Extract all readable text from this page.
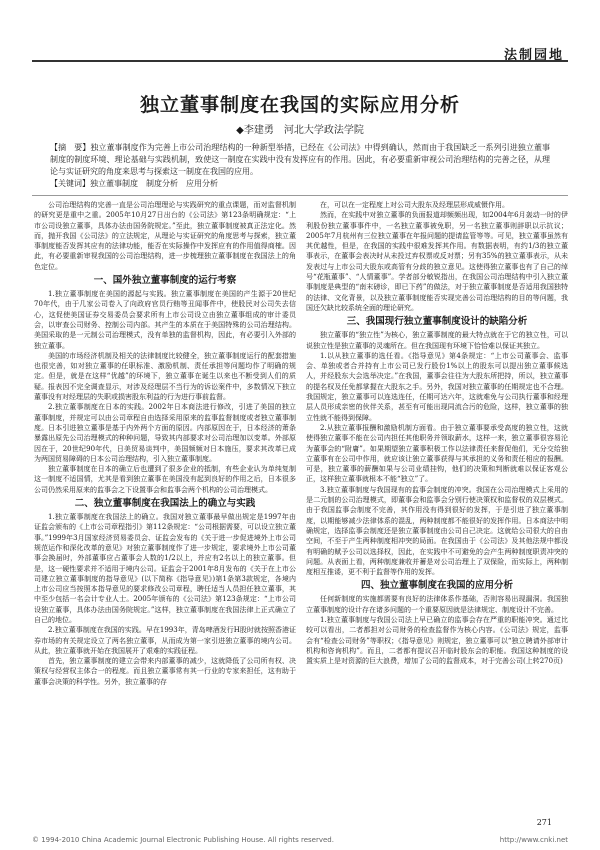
法制园地
独立董事制度在我国的实际应用分析
◆李建勇　河北大学政法学院
【摘　要】独立董事制度作为完善上市公司治理结构的一种新型举措，已经在《公司法》中得到确认，然而由于我国缺乏一系列引进独立董事制度的制度环境、理论基础与实践机制，致使这一制度在实践中没有发挥应有的作用。因此，有必要重新审视公司治理结构的完善之径，从理论与实证研究的角度来思考与探索这一制度在我国的应用。
【关键词】独立董事制度　制度分析　应用分析

公司治理结构的完善一直是公司治理理论与实践研究的重点课题，而对监督机制的研究更是重中之重。2005年10月27日出台的《公司法》第123条明确规定：“上市公司设独立董事，具体办法由国务院规定。”至此，独立董事制度被真正法定化。然而，抛开我国《公司法》的立法规定，从理论与实证研究的角度思考与探索，独立董事制度能否发挥其应有的法律功能，能否在实际操作中发挥应有的作用值得商榷。因此，有必要重新审视我国的公司治理结构，进一步梳理独立董事制度在我国法上的角色定位。

一、国外独立董事制度的运行考察

1.独立董事制度在美国的源起与实践。独立董事制度在美国的产生源于20世纪70年代，由于几家公司卷入了向政府官员行贿等丑闻事件中，使股民对公司失去信心，这促使美国证券交易委员会要求所有上市公司设立由独立董事组成的审计委员会，以审查公司财务、控制公司内部。其产生的本质在于美国特殊的公司治理结构。美国采取的是一元制公司治理模式，没有单独的监督机构，因此，有必要引入外部的独立董事。

美国的市场经济机制及相关的法律制度比较健全，独立董事制度运行的配套措施也很完善，如对独立董事的任职标准、激励机制、责任承担等问题均作了明确的规定。但是，就是在这样“优越”的环境下，独立董事在诞生以来也不断受到人们的质疑。报表因不完全调查显示，对涉及经理层不当行为的诉讼案件中，多数情况下独立董事没有对经理层的失职或损害股东利益的行为进行事前监督。

2.独立董事制度在日本的实践。2002年日本商法进行修改，引进了美国的独立董事制度，并规定可以由公司章程自由选择采用原来的监事监督制度或者独立董事制度。日本引进独立董事是基于内外两个方面的原因。内部原因在于，日本经济的萧条暴露出原先公司治理模式的种种问题，导致其内部要求对公司治理加以变革。外部原因在于，20世纪90年代，日美贸易谈判中，美国频频对日本施压，要求其改革已成为两国贸易障碍的日本公司治理结构，引入独立董事制度。

独立董事制度在日本的确立后也遭到了很多企业的抵制，有些企业认为单纯复制这一制度不适国情，尤其是看到独立董事在美国没有起到良好的作用之后，日本很多公司仍然采用原来的监事会之下设置事会和监事会两个机构的公司治理模式。

二、独立董事制度在我国法上的确立与实践

1.独立董事制度在我国法上的确立。我国对独立董事最早做出规定是1997年由证监会颁布的《上市公司章程指引》第112条规定：“公司根据需要，可以设立独立董事。”1999年3月国家经济贸易委员会、证监会发布的《关于进一步促进境外上市公司规范运作和深化改革的意见》对独立董事制度作了进一步规定，要求境外上市公司董事会换届时，外部董事应占董事会人数的1/2以上，并应有2名以上的独立董事。但是，这一硬性要求并不适用于境内公司。证监会于2001年8月发布的《关于在上市公司建立独立董事制度的指导意见》(以下简称《指导意见》)第1条第3款规定，各境内上市公司应当按照本指导意见的要求修改公司章程，聘任适当人员担任独立董事，其中至少包括一名会计专业人士。2005年颁布的《公司法》第123条规定：“上市公司设独立董事，具体办法由国务院规定。”这样，独立董事制度在我国法律上正式确立了自己的地位。

2.独立董事制度在我国的实践。早在1993年，青岛啤酒发行H股时就按照香港证券市场的有关规定设立了两名独立董事，从而成为第一家引进独立董事的境内公司。从此，独立董事就开始在我国展开了艰难的实践征程。

首先，独立董事制度的建立会带来内部董事的减少，这就降低了公司所有权、决策权与经营权主体合一的程度。而且独立董事常有其一行业的专家来担任，这有助于董事会决策的科学性。另外，独立董事的存

在，可以在一定程度上对公司大股东及经理层形成威慑作用。

然而，在实践中对独立董事的负面报道却频频出现，如2004年6月轰动一时的伊利股份独立董事事件中，一名独立董事被免职，另一名独立董事则辞职以示抗议；2005年7月杭州有三位独立董事在年报问题的提请监管等等。可见，独立董事虽然有其优越性，但是，在我国的实践中很难发挥其作用。有数据表明，有约1/3的独立董事表示，在董事会表决时从未投过弃权票或反对票；另有35%的独立董事表示，从未发表过与上市公司大股东或高管有分歧的独立意见。这使得独立董事也有了自己的绰号“花瓶董事”、“人情董事”。学者部分敏锐指出，在我国公司治理结构中引入独立董事制度是典型的“南末磅诊，即已下药”的做法，对于独立董事制度是否适用我国独特的法律、文化背景，以及独立董事制度能否实现完善公司治理结构的目的等问题，我国还欠缺比较系统全面的理论研究。

三、我国现行独立董事制度设计的缺陷分析

独立董事的“独立性”为核心，独立董事制度的最大特点就在于它的独立性，可以说独立性是独立董事的灵魂所在。但在我国现有环境下恰恰难以保证其独立。

1.以从独立董事的选任看。《指导意见》第4条规定：“上市公司董事会、监事会、单独或者合并持有上市公司已发行股份1%以上的股东可以提出独立董事候选人，并经股东大会选举决定。”在我国，董事会往往为大股东所把持，所以，独立董事的提名权及任免都掌握在大股东之手。另外，我国对独立董事的任期规定也不合理。我国规定，独立董事可以连选连任，任期可达六年，这就难免与公司执行董事和经理层人员形成亲密的伙伴关系，甚至有可能出现同流合污的危险，这样，独立董事的独立性就不能得到保障。

2.从独立董事报酬和激励机制方面看。由于独立董事要承受高度的独立性，这就使得独立董事不能在公司内担任其他职务并领取薪水，这样一来，独立董事很容易沦为董事会的“附庸”。如果期望独立董事积极工作以法律责任来督促他们，无分交给独立董事有在公司中作用，就应该让独立董事获得与其承担的义务和责任相应的报酬。可是，独立董事的薪酬如果与公司业绩挂钩，他们的决策和判断就难以保证客观公正，这样独立董事就根本不能“独立”了。

3.独立董事制度与我国现有的监事会制度的冲突。我国在公司治理模式上采用的是二元制的公司治理模式，即董事会和监事会分别行使决策权和监督权的双层模式。由于我国监事会制度不完善，其作用没有得到很好的发挥，于是引进了独立董事制度，以期能够减少法律体系的混乱，两种制度都不能很好的发挥作用。日本商法中明确规定，选择监事会制度还是独立董事制度由公司自己决定。这就给公司很大的自由空间，不至于产生两种制度相冲突的局面。在我国由于《公司法》及其他法规中都没有明确的赋予公司以选择权，因此，在实践中不可避免的会产生两种制度职责冲突的问题。从表面上看，两种制度兼收并蓄是对公司治理上了双保险，而实际上，两种制度相互推诿，更不利于监督等作用的发挥。

四、独立董事制度在我国的应用分析

任何新制度的实施都需要有良好的法律体系作基础，否则容易出现漏洞。我国独立董事制度的设计存在诸多问题的一个重要原因就是法律规定、制度设计不完善。

1.独立董事制度与我国公司法上早已确立的监事会存在严重的职能冲突。通过比较可以看出，二者都担对公司财务的检查监督作为核心内容。《公司法》规定，监事会有“检查公司财务”等职权；《指导意见》则规定，独立董事可以“独立聘请外部审计机构和咨询机构”。而且，二者都有提议召开临时股东会的职能。我国这种制度的设置实质上是对资源的巨大浪费，增加了公司的监督成本，对于完善公司(上转270页)

271
© 1994-2010 China Academic Journal Electronic Publishing House. All rights reserved.	http://www.cnki.net
